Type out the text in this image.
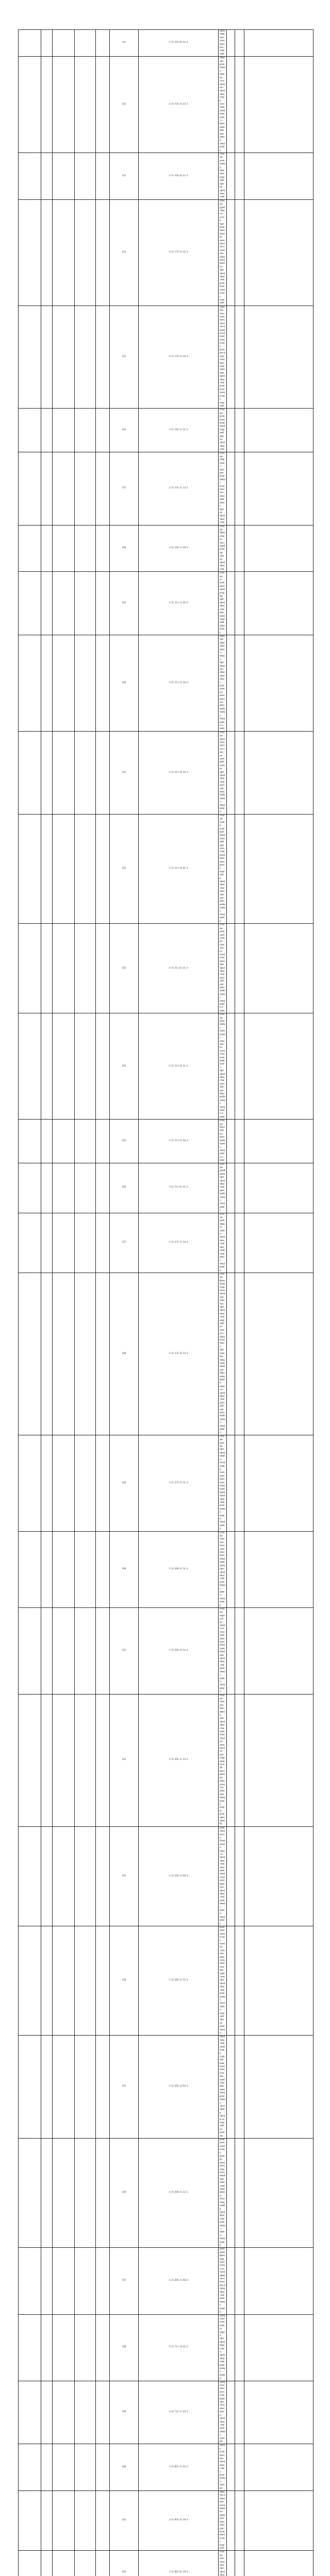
					311	3 31 101 62 21 4	Бракованных технических изделий			
					312	3 31 102 31 22 4	обрезки резиновых шинно-гусеничного производства в изготовлении шин колес с вкладышами для шин и покрышек			
					313	3 31 102 41 21 4	отходы резиновые, бывших изделий при их производстве			
					314	3 31 170 11 42 4	отходы дроблёнок и отсев при резиноизделиях материалов и отметки обрабатываемых при производстве резинотехнических изделий			
					315	3 31 170 12 20 4	обрезки текстильного полотна и кромки из синтетических волокон в текстильных изделиях при производстве резинотехнических изделий			
					316	3 31 182 11 21 4	отходы резинокомпаундов изделий при их производстве			
					317	3 31 191 11 52 4	отходы (обрезки) шнуров резиновых технических увлажненных при их производстве			
					318	3 31 192 11 20 4	отходы брикетов из листовой резины при их производстве			
					319	3 31 211 11 20 4	отходы от вулканизации резины при производстве при необходимой обработке			
					320	3 31 211 12 20 4	обрезки обрезиненного корда при ремонте обрезиненных шланговых материалов с автомобильных покрышек и шин			
					321	3 31 211 31 20 4	отходы пропиточного состава на клеевой основе при производстве деталей автомобильных покрышек			
					322	3 31 211 32 61 4	отходы ткани клеевой пропитанной при изготовлении протекторного изделия в производстве деталей для автомобильных покрышек			
					323	3 31 211 41 21 4	отходы разделительных пластин из полиэстирола при производстве деталей для автомобильных покрышек и шин			
					324	3 31 211 42 21 4	отходы резиновых пленочных пластин из полиэтилентерефталата при производстве деталей для автомобильных покрышек и шин			
					325	3 31 211 51 20 4	отходы баллонных автомобильных покрышек и шин			
					326	3 31 211 61 51 4	отходы диафрагм при производстве автомобильных покрышек			
					327	3 31 271 71 33 4	отходы резинового клея в производстве при свойственных покрышек			
					328	3 31 272 22 33 4	отходы фильтров, отработанные для очистки при производстве изделий из латекса, обработанных при очистке оборудования для обрезинивания корда в производстве деталей для автомобильных покрышек			
					329	3 31 273 11 31 4	отходы шлама при промывке и испытании технологического оборудования производства резиновых шин и покрышек			
					330	3 31 280 11 31 4	отходы очистки технологического оборудования при производстве резиновых шин и покрышек			
					331	3 31 282 12 21 4	отходы окрасок от линии от технологического оборудования при производстве резиновых шин и покрышек			
					332	3 31 283 11 33 4	отходы очистки бассейнов при производстве шин эпоксидных материалов для гидравлической внутренней поверхности шинных покрышек (перед вулканизацией)			
					333	3 31 292 31 60 4	разновидность бумажного корда в производстве, загрязненная силикатными для производства резиновых шин и покрышек			
					334	3 31 283 11 52 4	резинотехнические пленки, утратившие потребительские свойства, при производстве резиновых заготовок и изделий при их резинении			
					335	3 31 283 12 62 4	производственная ткань, утратившая потребительские свойства при хранении резиновых заготовок в процессе изделий из резины			
					336	3 31 284 11 52 4	резинотехнические рукава (шланги), отработанные при транспортировании, теплоизделий в производстве резиновых шин и покрышек			
					337	3 31 285 11 60 4	рукавные фильтры, трубчатые из полиэфирного волокна в производстве резиновых камер			
					338	3 31 711 14 42 4	пыль синтетического корда при производстве в производстве резиновых камер			
					339	3 31 713 17 42 4	пыль технического углерода при техническом и производстве резиновых смесей			
					340	3 31 801 11 43 4	пыль в технических производствах резиновых смесей			
					341	3 31 801 21 20 4	обрезки и обрывки полимерных армирующих лент для вулканических изделий			
					342	3 31 891 41 20 4	отходы текстильных при производ			
